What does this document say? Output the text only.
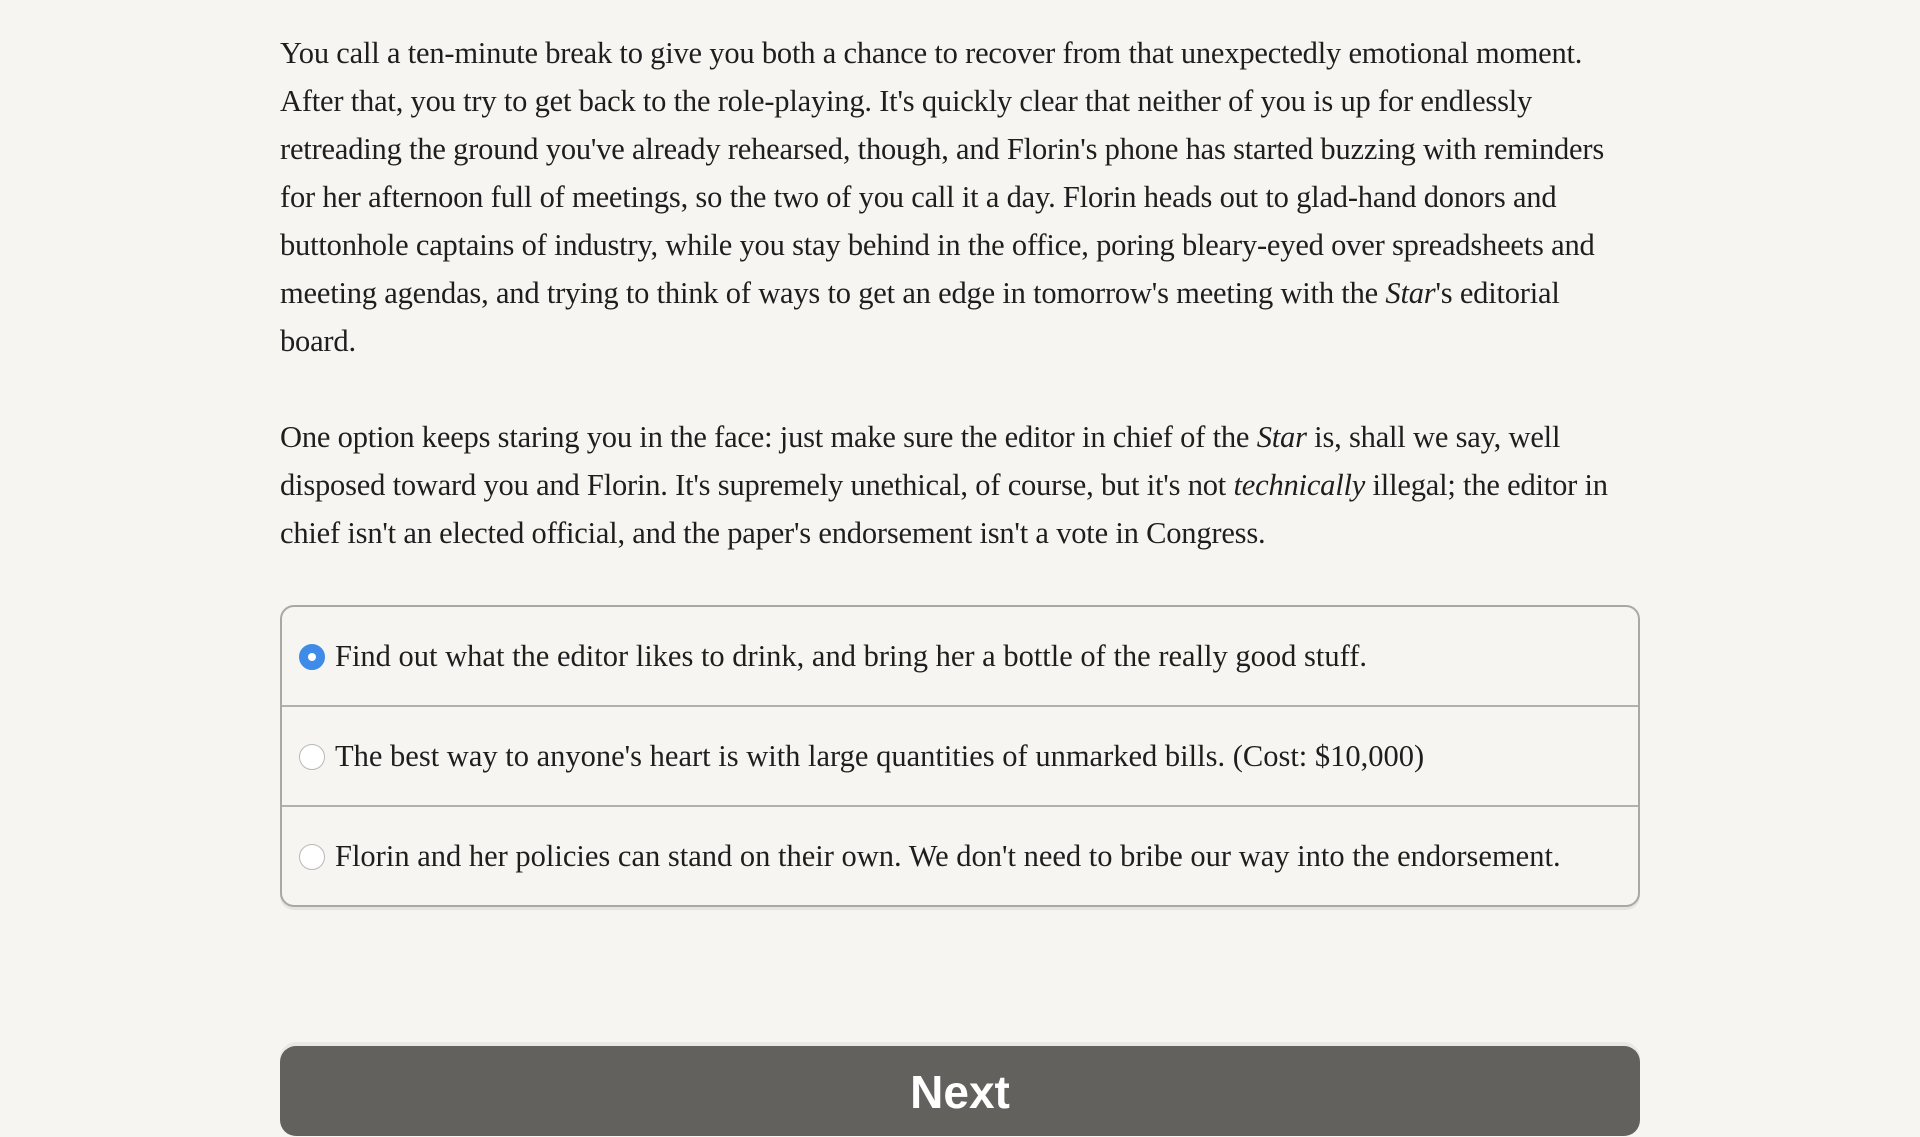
You call a ten-minute break to give you both a chance to recover from that unexpectedly emotional moment. After that, you try to get back to the role-playing. It's quickly clear that neither of you is up for endlessly retreading the ground you've already rehearsed, though, and Florin's phone has started buzzing with reminders for her afternoon full of meetings, so the two of you call it a day. Florin heads out to glad-hand donors and buttonhole captains of industry, while you stay behind in the office, poring bleary-eyed over spreadsheets and meeting agendas, and trying to think of ways to get an edge in tomorrow's meeting with the Star's editorial board.

One option keeps staring you in the face: just make sure the editor in chief of the Star is, shall we say, well disposed toward you and Florin. It's supremely unethical, of course, but it's not technically illegal; the editor in chief isn't an elected official, and the paper's endorsement isn't a vote in Congress.

Find out what the editor likes to drink, and bring her a bottle of the really good stuff.
The best way to anyone's heart is with large quantities of unmarked bills. (Cost: $10,000)
Florin and her policies can stand on their own. We don't need to bribe our way into the endorsement.
Next
